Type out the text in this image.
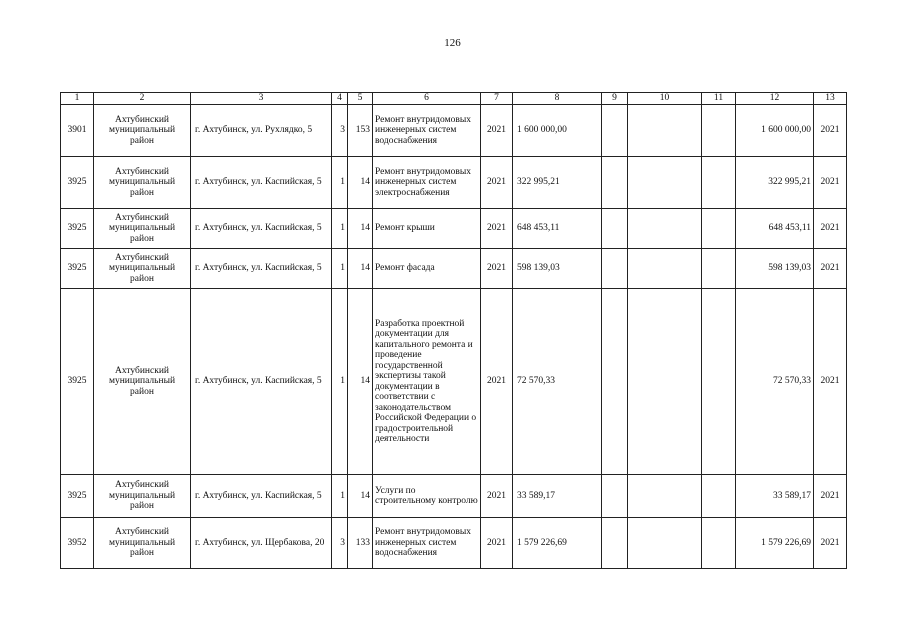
126
1	2	3	4	5	6	7	8	9	10	11	12	13
3901	Ахтубинский муниципальный район	г. Ахтубинск, ул. Рухлядко, 5	3	153	Ремонт внутридомовых инженерных систем водоснабжения	2021	1 600 000,00				1 600 000,00	2021
3925	Ахтубинский муниципальный район	г. Ахтубинск, ул. Каспийская, 5	1	14	Ремонт внутридомовых инженерных систем электроснабжения	2021	322 995,21				322 995,21	2021
3925	Ахтубинский муниципальный район	г. Ахтубинск, ул. Каспийская, 5	1	14	Ремонт крыши	2021	648 453,11				648 453,11	2021
3925	Ахтубинский муниципальный район	г. Ахтубинск, ул. Каспийская, 5	1	14	Ремонт фасада	2021	598 139,03				598 139,03	2021
3925	Ахтубинский муниципальный район	г. Ахтубинск, ул. Каспийская, 5	1	14	Разработка проектной документации для капитального ремонта и проведение государственной экспертизы такой документации в соответствии с законодательством Российской Федерации о градостроительной деятельности	2021	72 570,33				72 570,33	2021
3925	Ахтубинский муниципальный район	г. Ахтубинск, ул. Каспийская, 5	1	14	Услуги по строительному контролю	2021	33 589,17				33 589,17	2021
3952	Ахтубинский муниципальный район	г. Ахтубинск, ул. Щербакова, 20	3	133	Ремонт внутридомовых инженерных систем водоснабжения	2021	1 579 226,69				1 579 226,69	2021
